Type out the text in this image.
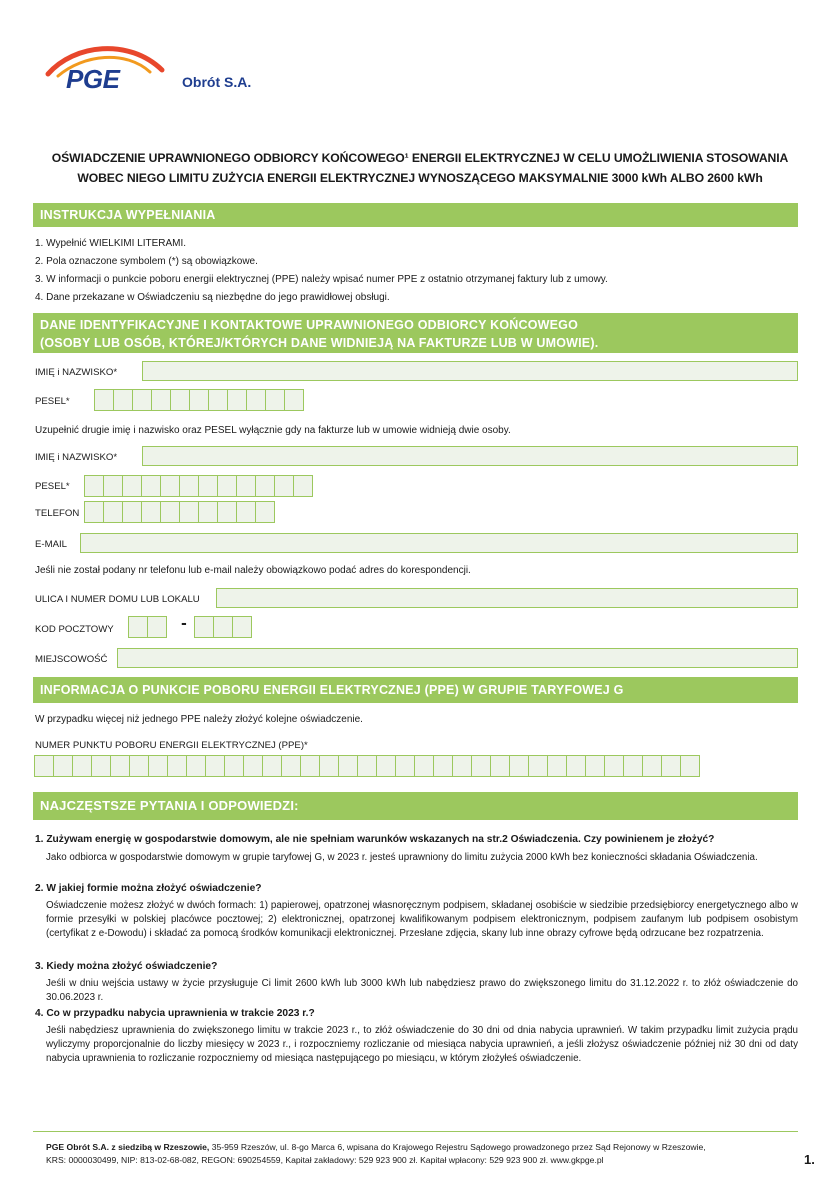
PGE	Obrót S.A.
OŚWIADCZENIE UPRAWNIONEGO ODBIORCY KOŃCOWEGO¹ ENERGII ELEKTRYCZNEJ W CELU UMOŻLIWIENIA STOSOWANIA
WOBEC NIEGO LIMITU ZUŻYCIA ENERGII ELEKTRYCZNEJ WYNOSZĄCEGO MAKSYMALNIE 3000 kWh ALBO 2600 kWh
INSTRUKCJA WYPEŁNIANIA
1. Wypełnić WIELKIMI LITERAMI.
2. Pola oznaczone symbolem (*) są obowiązkowe.
3. W informacji o punkcie poboru energii elektrycznej (PPE) należy wpisać numer PPE z ostatnio otrzymanej faktury lub z umowy.
4. Dane przekazane w Oświadczeniu są niezbędne do jego prawidłowej obsługi.
DANE IDENTYFIKACYJNE I KONTAKTOWE UPRAWNIONEGO ODBIORCY KOŃCOWEGO
(OSOBY LUB OSÓB, KTÓREJ/KTÓRYCH DANE WIDNIEJĄ NA FAKTURZE LUB W UMOWIE).
IMIĘ i NAZWISKO*
PESEL*
Uzupełnić drugie imię i nazwisko oraz PESEL wyłącznie gdy na fakturze lub w umowie widnieją dwie osoby.
IMIĘ i NAZWISKO*
PESEL*
TELEFON
E-MAIL
Jeśli nie został podany nr telefonu lub e-mail należy obowiązkowo podać adres do korespondencji.
ULICA I NUMER DOMU LUB LOKALU
KOD POCZTOWY	-
MIEJSCOWOŚĆ
INFORMACJA O PUNKCIE POBORU ENERGII ELEKTRYCZNEJ (PPE) W GRUPIE TARYFOWEJ G
W przypadku więcej niż jednego PPE należy złożyć kolejne oświadczenie.
NUMER PUNKTU POBORU ENERGII ELEKTRYCZNEJ (PPE)*
NAJCZĘSTSZE PYTANIA I ODPOWIEDZI:
1. Zużywam energię w gospodarstwie domowym, ale nie spełniam warunków wskazanych na str.2 Oświadczenia. Czy powinienem je złożyć?
Jako odbiorca w gospodarstwie domowym w grupie taryfowej G, w 2023 r. jesteś uprawniony do limitu zużycia 2000 kWh bez konieczności składania Oświadczenia.
2. W jakiej formie można złożyć oświadczenie?
Oświadczenie możesz złożyć w dwóch formach: 1) papierowej, opatrzonej własnoręcznym podpisem, składanej osobiście w siedzibie przedsiębiorcy energetycznego albo w formie przesyłki w polskiej placówce pocztowej; 2) elektronicznej, opatrzonej kwalifikowanym podpisem elektronicznym, podpisem zaufanym lub podpisem osobistym (certyfikat z e-Dowodu) i składać za pomocą środków komunikacji elektronicznej. Przesłane zdjęcia, skany lub inne obrazy cyfrowe będą odrzucane bez rozpatrzenia.
3. Kiedy można złożyć oświadczenie?
Jeśli w dniu wejścia ustawy w życie przysługuje Ci limit 2600 kWh lub 3000 kWh lub nabędziesz prawo do zwiększonego limitu do 31.12.2022 r. to złóż oświadczenie do 30.06.2023 r.
4. Co w przypadku nabycia uprawnienia w trakcie 2023 r.?
Jeśli nabędziesz uprawnienia do zwiększonego limitu w trakcie 2023 r., to złóż oświadczenie do 30 dni od dnia nabycia uprawnień. W takim przypadku limit zużycia prądu wyliczymy proporcjonalnie do liczby miesięcy w 2023 r., i rozpoczniemy rozliczanie od miesiąca nabycia uprawnień, a jeśli złożysz oświadczenie później niż 30 dni od daty nabycia uprawnienia to rozliczanie rozpoczniemy od miesiąca następującego po miesiącu, w którym złożyłeś oświadczenie.
PGE Obrót S.A. z siedzibą w Rzeszowie, 35-959 Rzeszów, ul. 8-go Marca 6, wpisana do Krajowego Rejestru Sądowego prowadzonego przez Sąd Rejonowy w Rzeszowie,
KRS: 0000030499, NIP: 813-02-68-082, REGON: 690254559, Kapitał zakładowy: 529 923 900 zł. Kapitał wpłacony: 529 923 900 zł. www.gkpge.pl	1.
